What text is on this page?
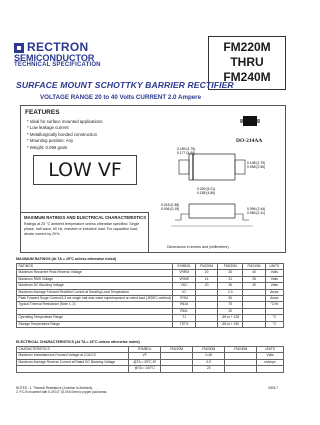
RECTRON
SEMICONDUCTOR
TECHNICAL SPECIFICATION
FM220M
THRU
FM240M
SURFACE MOUNT SCHOTTKY BARRIER RECTIFIER
VOLTAGE RANGE 20 to 40 Volts CURRENT 2.0 Ampere
FEATURES
* Ideal for surface mounted applications
* Low leakage current
* Metallurgically bonded construction
* Mounting position: Any
* Weight: 0.096 gram
LOW VF
DO-214AA
0.189 (4.75)
0.177 (4.50)
0.108 (2.70)
0.098 (2.50)
0.200 (5.21)
0.185 (4.80)
0.015 (0.38)
0.006 (0.15)	0.096 (2.44)
0.083 (2.11)
Dimensions in inches and (millimeters)
MAXIMUM RATINGS AND ELECTRICAL CHARACTERISTICS
Ratings at 25 °C ambient temperature unless otherwise specified. Single phase, half wave, 60 Hz, resistive or inductive load. For capacitive load, derate current by 20%.
MAXIMUM RATINGS (At TA = 25°C unless otherwise noted)
RATINGS	SYMBOL	FM220M	FM230M	FM240M	UNITS
Maximum Recurrent Peak Reverse Voltage	VRRM	20	30	40	Volts
Maximum RMS Voltage	VRMS	14	21	28	Volts
Maximum DC Blocking Voltage	VDC	20	30	40	Volts
Maximum Average Forward Rectified Current at Derating Lead Temperature	IO		2.0		Amps
Peak Forward Surge Current 8.3 ms single half-sine-wave superimposed on rated load (JEDEC method)	IFSM		50		Amps
Typical Thermal Resistance (Note 1, 2)	RθJA		75		°C/W
	RθJL		20		
Operating Temperature Range	TJ		-55 to + 125		°C
Storage Temperature Range	TSTG		-55 to + 150		°C
ELECTRICAL CHARACTERISTICS (At TA = 25°C unless otherwise noted)
CHARACTERISTICS	SYMBOL	FM220M	FM230M	FM240M	UNITS
Maximum Instantaneous Forward Voltage at 2.0A DC	VF		0.48		Volts
Maximum Average Reverse Current at Rated DC Blocking Voltage	@TA = 25°C IR		0.5		mAmps
	@TA = 100°C		20		
NOTES : 1. Thermal Resistance (Junction to Ambient).
2. P.C.B mounted with 0.2X0.2" (5.0X5.0mm²) copper pad areas.
2005-7
